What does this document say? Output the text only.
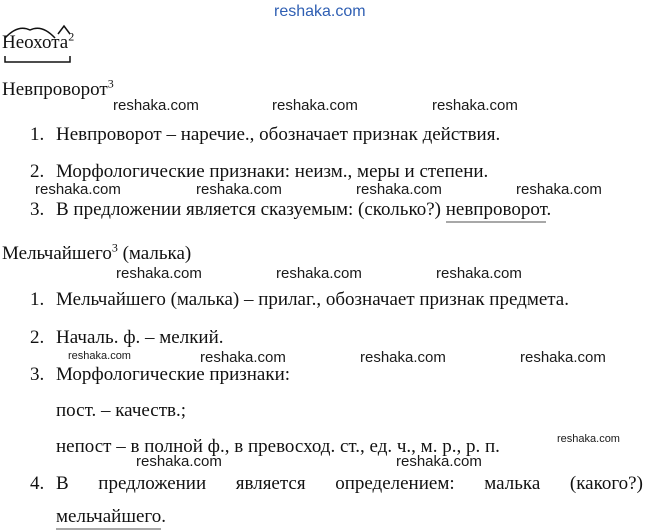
reshaka.com
Неохота$^2$
Невпроворот$^3$
reshaka.com	reshaka.com	reshaka.com
1. Невпроворот – наречие., обозначает признак действия.
2. Морфологические признаки: неизм., меры и степени.
reshaka.com	reshaka.com	reshaka.com	reshaka.com
3. В предложении является сказуемым: (сколько?) невпроворот.
Мельчайшего$^3$ (малька)
reshaka.com	reshaka.com	reshaka.com
1. Мельчайшего (малька) – прилаг., обозначает признак предмета.
2. Началь. ф. – мелкий.
reshaka.com	reshaka.com	reshaka.com	reshaka.com
3. Морфологические признаки:
пост. – качеств.;
непост – в полной ф., в превосход. ст., ед. ч., м. р., р. п.	reshaka.com
reshaka.com	reshaka.com
4. В предложении является определением: малька (какого?)
мельчайшего.
